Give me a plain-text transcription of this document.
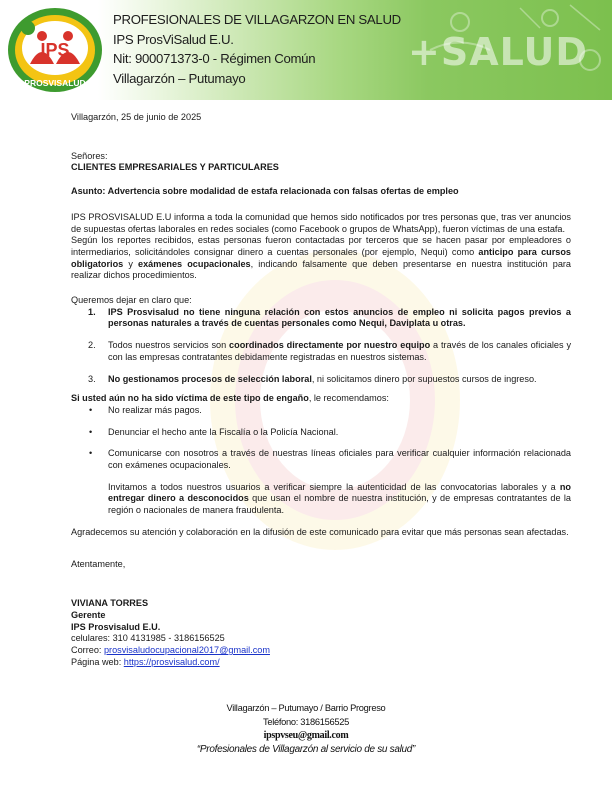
+SALUD
IPS
PROSVISALUD
PROFESIONALES DE VILLAGARZON EN SALUD
IPS ProsViSalud E.U.
Nit: 900071373-0 - Régimen Común
Villagarzón – Putumayo
Villagarzón, 25 de junio de 2025
Señores:
CLIENTES EMPRESARIALES Y PARTICULARES
Asunto: Advertencia sobre modalidad de estafa relacionada con falsas ofertas de empleo
IPS PROSVISALUD E.U informa a toda la comunidad que hemos sido notificados por tres personas que, tras ver anuncios de supuestas ofertas laborales en redes sociales (como Facebook o grupos de WhatsApp), fueron víctimas de una estafa.
Según los reportes recibidos, estas personas fueron contactadas por terceros que se hacen pasar por empleadores o intermediarios, solicitándoles consignar dinero a cuentas personales (por ejemplo, Nequi) como anticipo para cursos obligatorios y exámenes ocupacionales, indicando falsamente que deben presentarse en nuestra institución para realizar dichos procedimientos.
Queremos dejar en claro que:
1. IPS Prosvisalud no tiene ninguna relación con estos anuncios de empleo ni solicita pagos previos a personas naturales a través de cuentas personales como Nequi, Daviplata u otras.
2. Todos nuestros servicios son coordinados directamente por nuestro equipo a través de los canales oficiales y con las empresas contratantes debidamente registradas en nuestros sistemas.
3. No gestionamos procesos de selección laboral, ni solicitamos dinero por supuestos cursos de ingreso.
Si usted aún no ha sido víctima de este tipo de engaño, le recomendamos:
• No realizar más pagos.
• Denunciar el hecho ante la Fiscalía o la Policía Nacional.
• Comunicarse con nosotros a través de nuestras líneas oficiales para verificar cualquier información relacionada con exámenes ocupacionales.
Invitamos a todos nuestros usuarios a verificar siempre la autenticidad de las convocatorias laborales y a no entregar dinero a desconocidos que usan el nombre de nuestra institución, y de empresas contratantes de la región o nacionales de manera fraudulenta.
Agradecemos su atención y colaboración en la difusión de este comunicado para evitar que más personas sean afectadas.
Atentamente,
VIVIANA TORRES
Gerente
IPS Prosvisalud E.U.
celulares: 310 4131985 - 3186156525
Correo: prosvisaludocupacional2017@gmail.com
Página web: https://prosvisalud.com/
Villagarzón – Putumayo / Barrio Progreso
Teléfono: 3186156525
ipspvseu@gmail.com
“Profesionales de Villagarzón al servicio de su salud”
